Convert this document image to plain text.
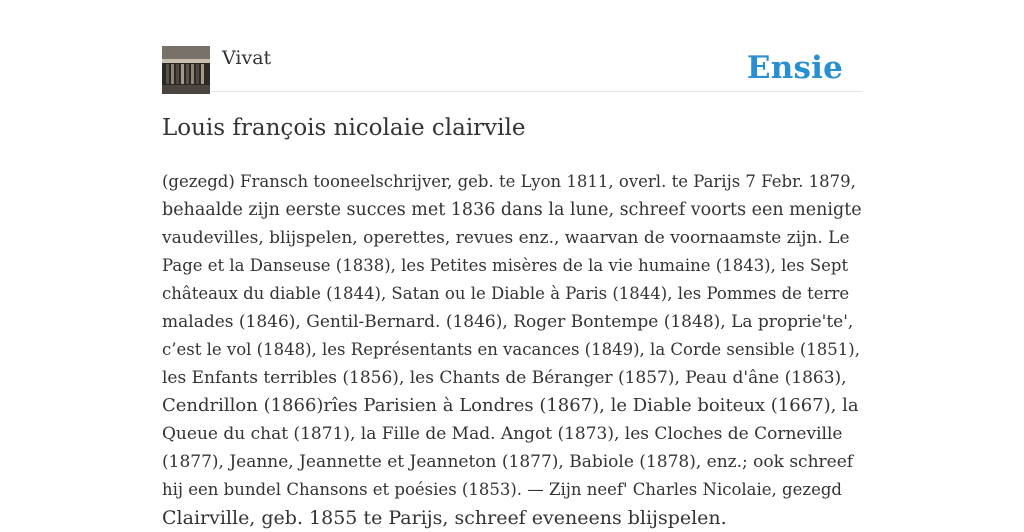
Vivat	Ensie
Louis françois nicolaie clairvile
(gezegd) Fransch tooneelschrijver, geb. te Lyon 1811, overl. te Parijs 7 Febr. 1879,
behaalde zijn eerste succes met 1836 dans la lune, schreef voorts een menigte
vaudevilles, blijspelen, operettes, revues enz., waarvan de voornaamste zijn. Le
Page et la Danseuse (1838), les Petites misères de la vie humaine (1843), les Sept
châteaux du diable (1844), Satan ou le Diable à Paris (1844), les Pommes de terre
malades (1846), Gentil-Bernard. (1846), Roger Bontempe (1848), La proprie'te',
c’est le vol (1848), les Représentants en vacances (1849), la Corde sensible (1851),
les Enfants terribles (1856), les Chants de Béranger (1857), Peau d'âne (1863),
Cendrillon (1866)rîes Parisien à Londres (1867), le Diable boiteux (1667), la
Queue du chat (1871), la Fille de Mad. Angot (1873), les Cloches de Corneville
(1877), Jeanne, Jeannette et Jeanneton (1877), Babiole (1878), enz.; ook schreef
hij een bundel Chansons et poésies (1853). — Zijn neef' Charles Nicolaie, gezegd
Clairville, geb. 1855 te Parijs, schreef eveneens blijspelen.
